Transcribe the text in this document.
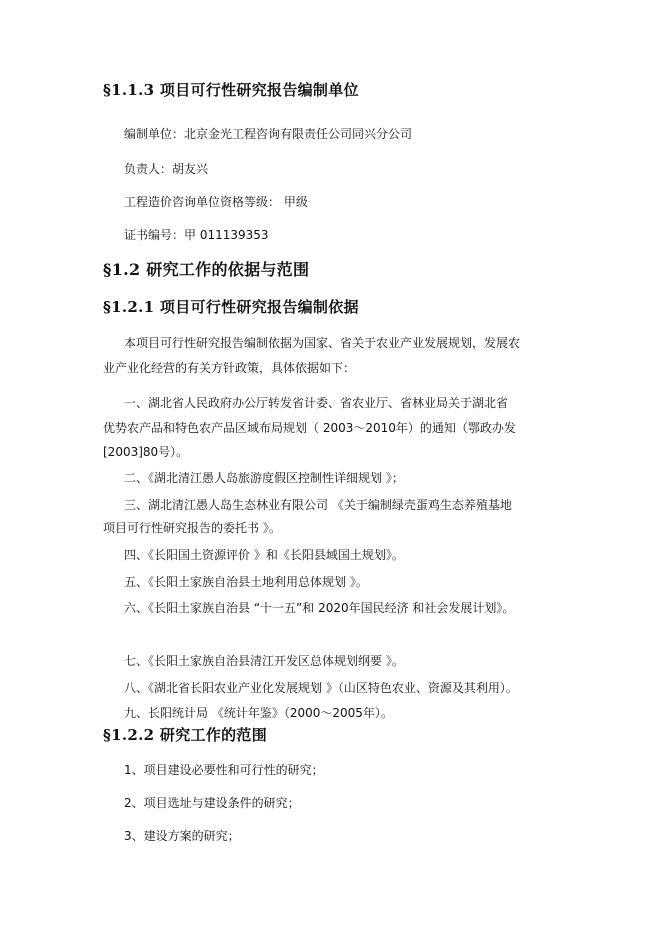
§1.1.3 项目可行性研究报告编制单位
编制单位：北京金光工程咨询有限责任公司同兴分公司
负责人：胡友兴
工程造价咨询单位资格等级： 甲级
证书编号：甲 011139353
§1.2 研究工作的依据与范围
§1.2.1 项目可行性研究报告编制依据
本项目可行性研究报告编制依据为国家、省关于农业产业发展规划，发展农
业产业化经营的有关方针政策，具体依据如下：
一、湖北省人民政府办公厅转发省计委、省农业厅、省林业局关于湖北省
优势农产品和特色农产品区域布局规划（ 2003～2010年）的通知（鄂政办发
[2003]80号）。
二、《湖北清江愚人岛旅游度假区控制性详细规划 》；
三、湖北清江愚人岛生态林业有限公司 《关于编制绿壳蛋鸡生态养殖基地
项目可行性研究报告的委托书 》。
四、《长阳国土资源评价 》和《长阳县域国土规划》。
五、《长阳土家族自治县土地利用总体规划 》。
六、《长阳土家族自治县 “十一五”和 2020年国民经济 和社会发展计划》。
七、《长阳土家族自治县清江开发区总体规划纲要 》。
八、《湖北省长阳农业产业化发展规划 》（山区特色农业、资源及其利用）。
九、长阳统计局 《统计年鉴》（2000～2005年）。
§1.2.2 研究工作的范围
1、项目建设必要性和可行性的研究；
2、项目选址与建设条件的研究；
3、建设方案的研究；
